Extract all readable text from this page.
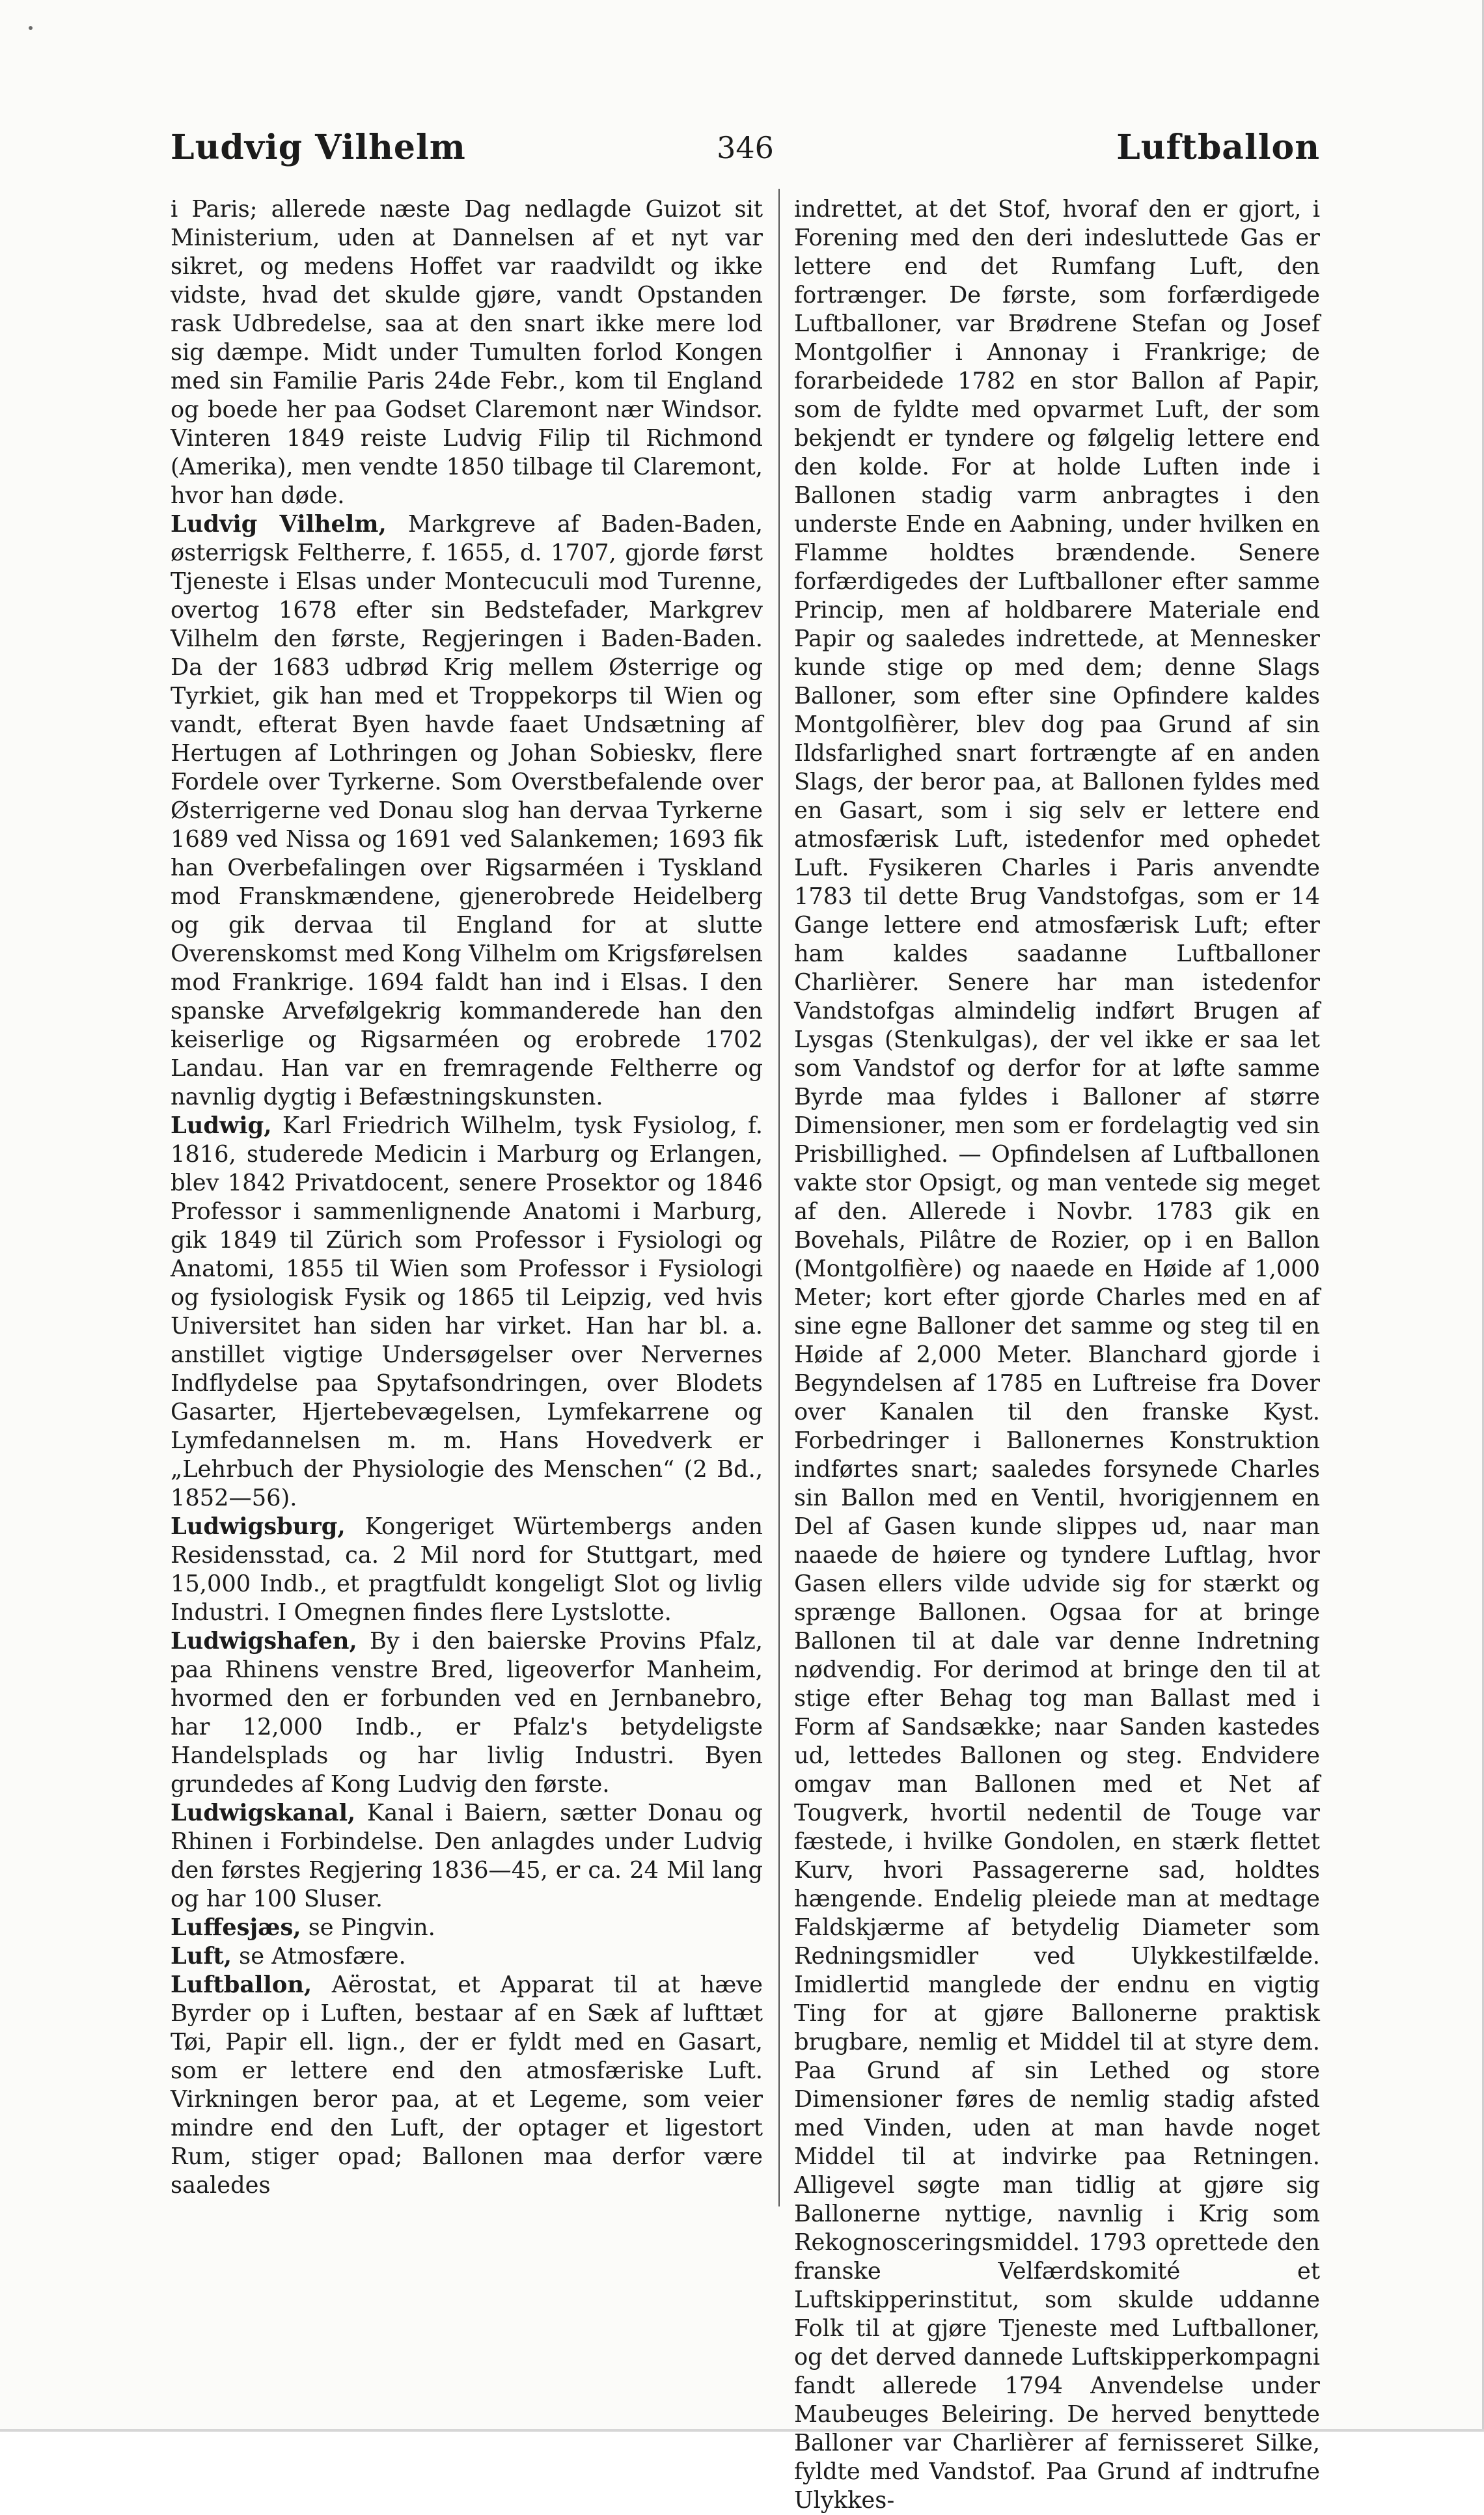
346
Ludvig Vilhelm	Luftballon

i Paris; allerede næste Dag nedlagde Guizot sit Ministerium, uden at Dannelsen af et nyt var sikret, og medens Hoffet var raadvildt og ikke vidste, hvad det skulde gjøre, vandt Opstanden rask Udbredelse, saa at den snart ikke mere lod sig dæmpe. Midt under Tumulten forlod Kongen med sin Familie Paris 24de Febr., kom til England og boede her paa Godset Claremont nær Windsor. Vinteren 1849 reiste Ludvig Filip til Richmond (Amerika), men vendte 1850 tilbage til Claremont, hvor han døde.

Ludvig Vilhelm, Markgreve af Baden-Baden, østerrigsk Feltherre, f. 1655, d. 1707, gjorde først Tjeneste i Elsas under Montecuculi mod Turenne, overtog 1678 efter sin Bedstefader, Markgrev Vilhelm den første, Regjeringen i Baden-Baden. Da der 1683 udbrød Krig mellem Østerrige og Tyrkiet, gik han med et Troppekorps til Wien og vandt, efterat Byen havde faaet Undsætning af Hertugen af Lothringen og Johan Sobieskv, flere Fordele over Tyrkerne. Som Overstbefalende over Østerrigerne ved Donau slog han dervaa Tyrkerne 1689 ved Nissa og 1691 ved Salankemen; 1693 fik han Overbefalingen over Rigsarméen i Tyskland mod Franskmændene, gjenerobrede Heidelberg og gik dervaa til England for at slutte Overenskomst med Kong Vilhelm om Krigsførelsen mod Frankrige. 1694 faldt han ind i Elsas. I den spanske Arvefølgekrig kommanderede han den keiserlige og Rigsarméen og erobrede 1702 Landau. Han var en fremragende Feltherre og navnlig dygtig i Befæstningskunsten.

Ludwig, Karl Friedrich Wilhelm, tysk Fysiolog, f. 1816, studerede Medicin i Marburg og Erlangen, blev 1842 Privatdocent, senere Prosektor og 1846 Professor i sammenlignende Anatomi i Marburg, gik 1849 til Zürich som Professor i Fysiologi og Anatomi, 1855 til Wien som Professor i Fysiologi og fysiologisk Fysik og 1865 til Leipzig, ved hvis Universitet han siden har virket. Han har bl. a. anstillet vigtige Undersøgelser over Nervernes Indflydelse paa Spytafsondringen, over Blodets Gasarter, Hjertebevægelsen, Lymfekarrene og Lymfedannelsen m. m. Hans Hovedverk er „Lehrbuch der Physiologie des Menschen“ (2 Bd., 1852—56).

Ludwigsburg, Kongeriget Würtembergs anden Residensstad, ca. 2 Mil nord for Stuttgart, med 15,000 Indb., et pragtfuldt kongeligt Slot og livlig Industri. I Omegnen findes flere Lystslotte.

Ludwigshafen, By i den baierske Provins Pfalz, paa Rhinens venstre Bred, ligeoverfor Manheim, hvormed den er forbunden ved en Jernbanebro, har 12,000 Indb., er Pfalz's betydeligste Handelsplads og har livlig Industri. Byen grundedes af Kong Ludvig den første.

Ludwigskanal, Kanal i Baiern, sætter Donau og Rhinen i Forbindelse. Den anlagdes under Ludvig den førstes Regjering 1836—45, er ca. 24 Mil lang og har 100 Sluser.

Luffesjæs, se Pingvin.

Luft, se Atmosfære.

Luftballon, Aërostat, et Apparat til at hæve Byrder op i Luften, bestaar af en Sæk af lufttæt Tøi, Papir ell. lign., der er fyldt med en Gasart, som er lettere end den atmosfæriske Luft. Virkningen beror paa, at et Legeme, som veier mindre end den Luft, der optager et ligestort Rum, stiger opad; Ballonen maa derfor være saaledes

indrettet, at det Stof, hvoraf den er gjort, i Forening med den deri indesluttede Gas er lettere end det Rumfang Luft, den fortrænger. De første, som forfærdigede Luftballoner, var Brødrene Stefan og Josef Montgolfier i Annonay i Frankrige; de forarbeidede 1782 en stor Ballon af Papir, som de fyldte med opvarmet Luft, der som bekjendt er tyndere og følgelig lettere end den kolde. For at holde Luften inde i Ballonen stadig varm anbragtes i den underste Ende en Aabning, under hvilken en Flamme holdtes brændende. Senere forfærdigedes der Luftballoner efter samme Princip, men af holdbarere Materiale end Papir og saaledes indrettede, at Mennesker kunde stige op med dem; denne Slags Balloner, som efter sine Opfindere kaldes Montgolfièrer, blev dog paa Grund af sin Ildsfarlighed snart fortrængte af en anden Slags, der beror paa, at Ballonen fyldes med en Gasart, som i sig selv er lettere end atmosfærisk Luft, istedenfor med ophedet Luft. Fysikeren Charles i Paris anvendte 1783 til dette Brug Vandstofgas, som er 14 Gange lettere end atmosfærisk Luft; efter ham kaldes saadanne Luftballoner Charlièrer. Senere har man istedenfor Vandstofgas almindelig indført Brugen af Lysgas (Stenkulgas), der vel ikke er saa let som Vandstof og derfor for at løfte samme Byrde maa fyldes i Balloner af større Dimensioner, men som er fordelagtig ved sin Prisbillighed. — Opfindelsen af Luftballonen vakte stor Opsigt, og man ventede sig meget af den. Allerede i Novbr. 1783 gik en Bovehals, Pilâtre de Rozier, op i en Ballon (Montgolfière) og naaede en Høide af 1,000 Meter; kort efter gjorde Charles med en af sine egne Balloner det samme og steg til en Høide af 2,000 Meter. Blanchard gjorde i Begyndelsen af 1785 en Luftreise fra Dover over Kanalen til den franske Kyst. Forbedringer i Ballonernes Konstruktion indførtes snart; saaledes forsynede Charles sin Ballon med en Ventil, hvorigjennem en Del af Gasen kunde slippes ud, naar man naaede de høiere og tyndere Luftlag, hvor Gasen ellers vilde udvide sig for stærkt og sprænge Ballonen. Ogsaa for at bringe Ballonen til at dale var denne Indretning nødvendig. For derimod at bringe den til at stige efter Behag tog man Ballast med i Form af Sandsække; naar Sanden kastedes ud, lettedes Ballonen og steg. Endvidere omgav man Ballonen med et Net af Tougverk, hvortil nedentil de Touge var fæstede, i hvilke Gondolen, en stærk flettet Kurv, hvori Passagererne sad, holdtes hængende. Endelig pleiede man at medtage Faldskjærme af betydelig Diameter som Redningsmidler ved Ulykkestilfælde. Imidlertid manglede der endnu en vigtig Ting for at gjøre Ballonerne praktisk brugbare, nemlig et Middel til at styre dem. Paa Grund af sin Lethed og store Dimensioner føres de nemlig stadig afsted med Vinden, uden at man havde noget Middel til at indvirke paa Retningen. Alligevel søgte man tidlig at gjøre sig Ballonerne nyttige, navnlig i Krig som Rekognosceringsmiddel. 1793 oprettede den franske Velfærdskomité et Luftskipperinstitut, som skulde uddanne Folk til at gjøre Tjeneste med Luftballoner, og det derved dannede Luftskipperkompagni fandt allerede 1794 Anvendelse under Maubeuges Beleiring. De herved benyttede Balloner var Charlièrer af fernisseret Silke, fyldte med Vandstof. Paa Grund af indtrufne Ulykkes-
